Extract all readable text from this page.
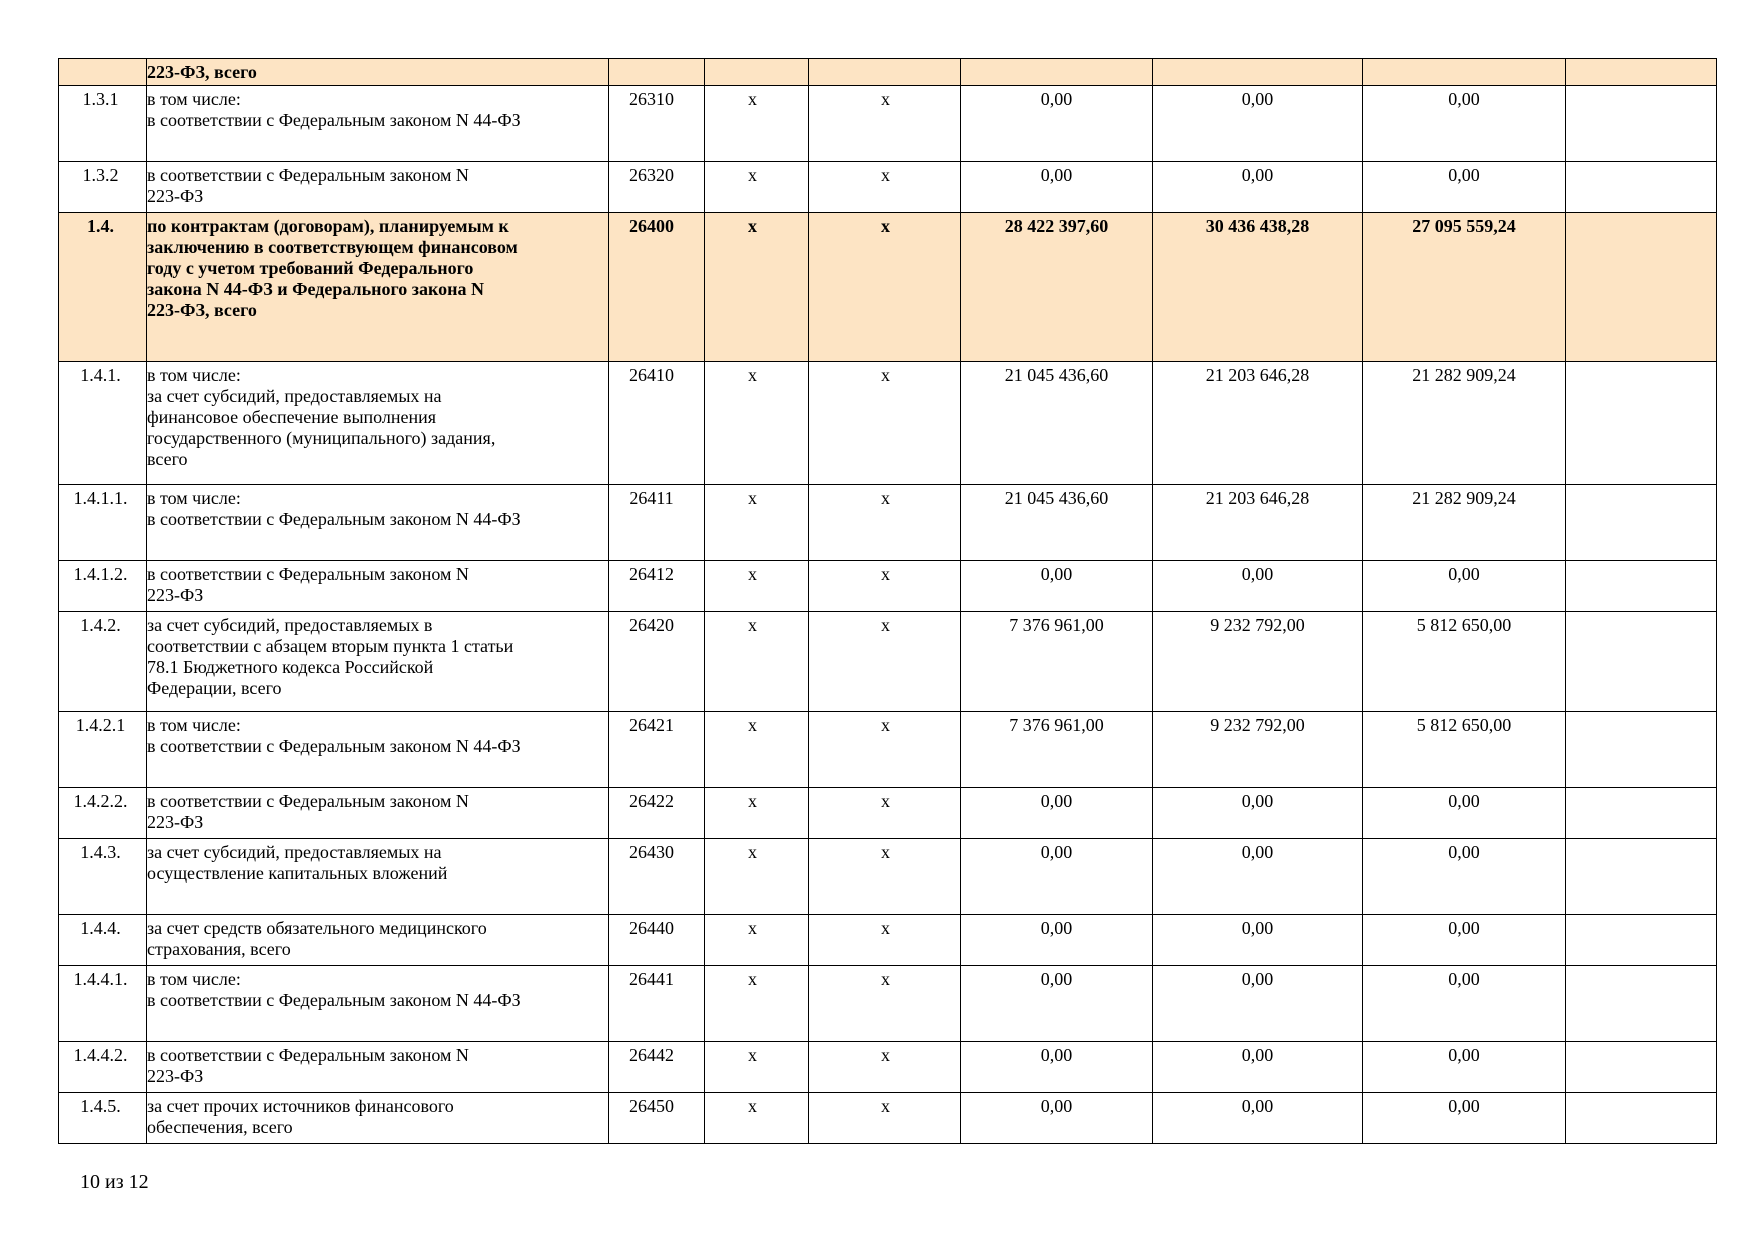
	223-ФЗ, всего							

1.3.1	в том числе:
в соответствии с Федеральным законом N 44-ФЗ	26310	х	х	0,00	0,00	0,00	
1.3.2	в соответствии с Федеральным законом N
223-ФЗ	26320	х	х	0,00	0,00	0,00	
1.4.	по контрактам (договорам), планируемым к
заключению в соответствующем финансовом
году с учетом требований Федерального
закона N 44-ФЗ и Федерального закона N
223-ФЗ, всего	26400	х	х	28 422 397,60	30 436 438,28	27 095 559,24	
1.4.1.	в том числе:
за счет субсидий, предоставляемых на
финансовое обеспечение выполнения
государственного (муниципального) задания,
всего	26410	х	х	21 045 436,60	21 203 646,28	21 282 909,24	
1.4.1.1.	в том числе:
в соответствии с Федеральным законом N 44-ФЗ	26411	х	х	21 045 436,60	21 203 646,28	21 282 909,24	
1.4.1.2.	в соответствии с Федеральным законом N
223-ФЗ	26412	х	х	0,00	0,00	0,00	
1.4.2.	за счет субсидий, предоставляемых в
соответствии с абзацем вторым пункта 1 статьи
78.1 Бюджетного кодекса Российской
Федерации, всего	26420	х	х	7 376 961,00	9 232 792,00	5 812 650,00	
1.4.2.1	в том числе:
в соответствии с Федеральным законом N 44-ФЗ	26421	х	х	7 376 961,00	9 232 792,00	5 812 650,00	
1.4.2.2.	в соответствии с Федеральным законом N
223-ФЗ	26422	х	х	0,00	0,00	0,00	
1.4.3.	за счет субсидий, предоставляемых на
осуществление капитальных вложений	26430	х	х	0,00	0,00	0,00	
1.4.4.	за счет средств обязательного медицинского
страхования, всего	26440	х	х	0,00	0,00	0,00	
1.4.4.1.	в том числе:
в соответствии с Федеральным законом N 44-ФЗ	26441	х	х	0,00	0,00	0,00	
1.4.4.2.	в соответствии с Федеральным законом N
223-ФЗ	26442	х	х	0,00	0,00	0,00	
1.4.5.	за счет прочих источников финансового
обеспечения, всего	26450	х	х	0,00	0,00	0,00	
10 из 12
